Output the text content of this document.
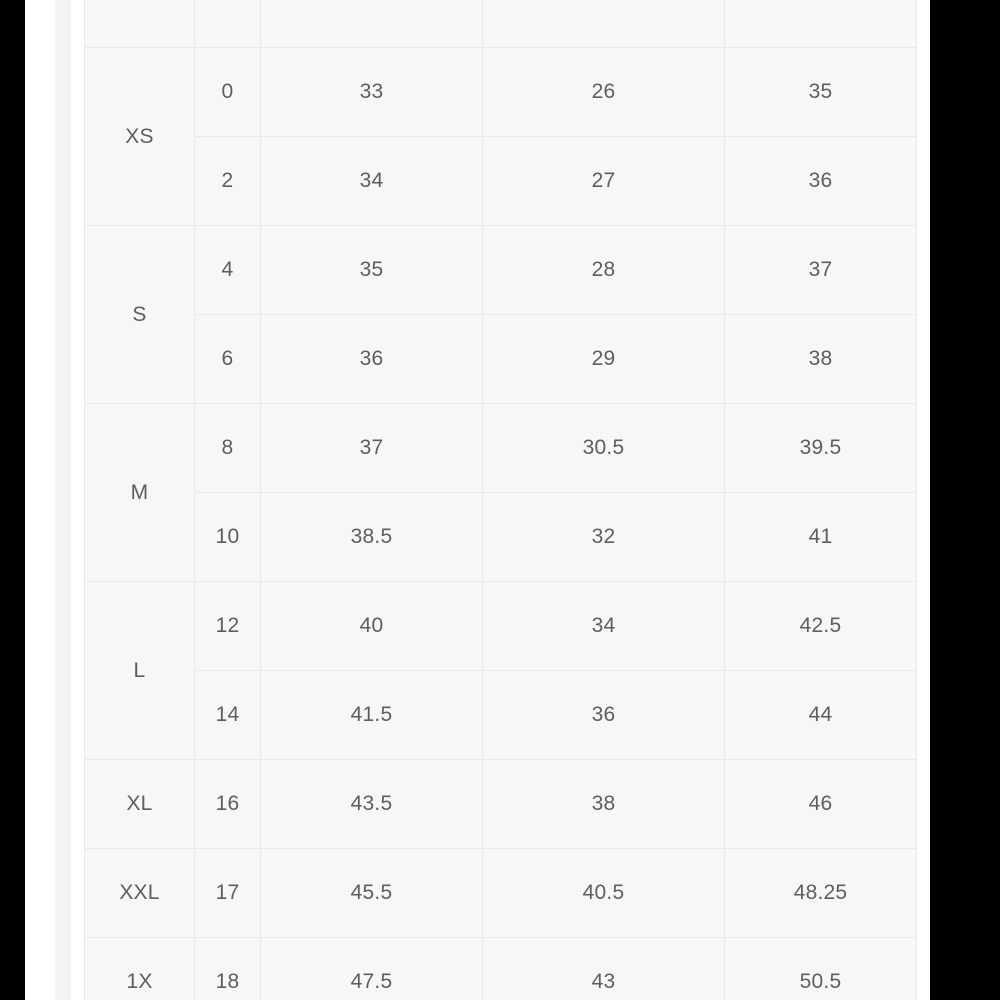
XS	0	33	26	35
	2	34	27	36
S	4	35	28	37
	6	36	29	38
M	8	37	30.5	39.5
	10	38.5	32	41
L	12	40	34	42.5
	14	41.5	36	44
XL	16	43.5	38	46
XXL	17	45.5	40.5	48.25
1X	18	47.5	43	50.5
